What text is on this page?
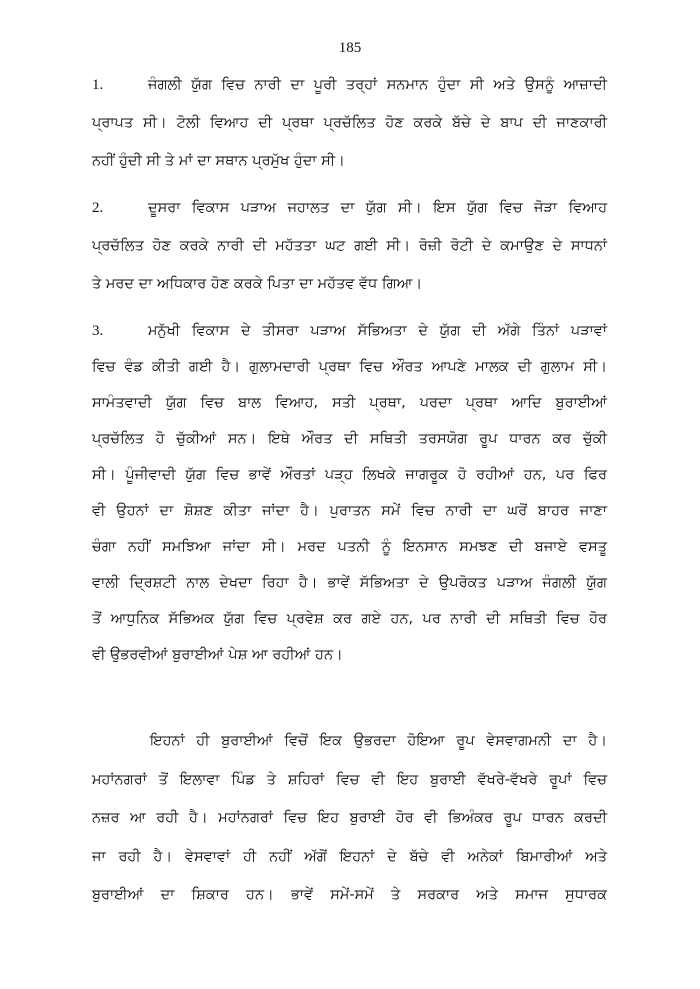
185
1.	ਜੰਗਲੀ ਯੁੱਗ ਵਿਚ ਨਾਰੀ ਦਾ ਪੂਰੀ ਤਰ੍ਹਾਂ ਸਨਮਾਨ ਹੁੰਦਾ ਸੀ ਅਤੇ ਉਸਨੂੰ ਆਜ਼ਾਦੀ
ਪ੍ਰਾਪਤ ਸੀ। ਟੋਲੀ ਵਿਆਹ ਦੀ ਪ੍ਰਥਾ ਪ੍ਰਚੱਲਿਤ ਹੋਣ ਕਰਕੇ ਬੱਚੇ ਦੇ ਬਾਪ ਦੀ ਜਾਣਕਾਰੀ
ਨਹੀਂ ਹੁੰਦੀ ਸੀ ਤੇ ਮਾਂ ਦਾ ਸਥਾਨ ਪ੍ਰਮੁੱਖ ਹੁੰਦਾ ਸੀ।
2.	ਦੂਸਰਾ ਵਿਕਾਸ ਪੜਾਅ ਜਹਾਲਤ ਦਾ ਯੁੱਗ ਸੀ। ਇਸ ਯੁੱਗ ਵਿਚ ਜੋੜਾ ਵਿਆਹ
ਪ੍ਰਚੱਲਿਤ ਹੋਣ ਕਰਕੇ ਨਾਰੀ ਦੀ ਮਹੱਤਤਾ ਘਟ ਗਈ ਸੀ। ਰੋਜ਼ੀ ਰੋਟੀ ਦੇ ਕਮਾਉਣ ਦੇ ਸਾਧਨਾਂ
ਤੇ ਮਰਦ ਦਾ ਅਧਿਕਾਰ ਹੋਣ ਕਰਕੇ ਪਿਤਾ ਦਾ ਮਹੱਤਵ ਵੱਧ ਗਿਆ।
3.	ਮਨੁੱਖੀ ਵਿਕਾਸ ਦੇ ਤੀਸਰਾ ਪੜਾਅ ਸੱਭਿਅਤਾ ਦੇ ਯੁੱਗ ਦੀ ਅੱਗੇ ਤਿੰਨਾਂ ਪੜਾਵਾਂ
ਵਿਚ ਵੰਡ ਕੀਤੀ ਗਈ ਹੈ। ਗੁਲਾਮਦਾਰੀ ਪ੍ਰਥਾ ਵਿਚ ਔਰਤ ਆਪਣੇ ਮਾਲਕ ਦੀ ਗੁਲਾਮ ਸੀ।
ਸਾਮੰਤਵਾਦੀ ਯੁੱਗ ਵਿਚ ਬਾਲ ਵਿਆਹ, ਸਤੀ ਪ੍ਰਥਾ, ਪਰਦਾ ਪ੍ਰਥਾ ਆਦਿ ਬੁਰਾਈਆਂ
ਪ੍ਰਚੱਲਿਤ ਹੋ ਚੁੱਕੀਆਂ ਸਨ। ਇਥੇ ਔਰਤ ਦੀ ਸਥਿਤੀ ਤਰਸਯੋਗ ਰੂਪ ਧਾਰਨ ਕਰ ਚੁੱਕੀ
ਸੀ। ਪੂੰਜੀਵਾਦੀ ਯੁੱਗ ਵਿਚ ਭਾਵੇਂ ਔਰਤਾਂ ਪੜ੍ਹ ਲਿਖਕੇ ਜਾਗਰੂਕ ਹੋ ਰਹੀਆਂ ਹਨ, ਪਰ ਫਿਰ
ਵੀ ਉਹਨਾਂ ਦਾ ਸ਼ੋਸ਼ਣ ਕੀਤਾ ਜਾਂਦਾ ਹੈ। ਪੁਰਾਤਨ ਸਮੇਂ ਵਿਚ ਨਾਰੀ ਦਾ ਘਰੋਂ ਬਾਹਰ ਜਾਣਾ
ਚੰਗਾ ਨਹੀਂ ਸਮਝਿਆ ਜਾਂਦਾ ਸੀ। ਮਰਦ ਪਤਨੀ ਨੂੰ ਇਨਸਾਨ ਸਮਝਣ ਦੀ ਬਜਾਏ ਵਸਤੂ
ਵਾਲੀ ਦ੍ਰਿਸ਼ਟੀ ਨਾਲ ਦੇਖਦਾ ਰਿਹਾ ਹੈ। ਭਾਵੇਂ ਸੱਭਿਅਤਾ ਦੇ ਉਪਰੋਕਤ ਪੜਾਅ ਜੰਗਲੀ ਯੁੱਗ
ਤੋਂ ਆਧੁਨਿਕ ਸੱਭਿਅਕ ਯੁੱਗ ਵਿਚ ਪ੍ਰਵੇਸ਼ ਕਰ ਗਏ ਹਨ, ਪਰ ਨਾਰੀ ਦੀ ਸਥਿਤੀ ਵਿਚ ਹੋਰ
ਵੀ ਉਭਰਵੀਆਂ ਬੁਰਾਈਆਂ ਪੇਸ਼ ਆ ਰਹੀਆਂ ਹਨ।
ਇਹਨਾਂ ਹੀ ਬੁਰਾਈਆਂ ਵਿਚੋਂ ਇਕ ਉਭਰਦਾ ਹੋਇਆ ਰੂਪ ਵੇਸਵਾਗਮਨੀ ਦਾ ਹੈ।
ਮਹਾਂਨਗਰਾਂ ਤੋਂ ਇਲਾਵਾ ਪਿੰਡ ਤੇ ਸ਼ਹਿਰਾਂ ਵਿਚ ਵੀ ਇਹ ਬੁਰਾਈ ਵੱਖਰੇ-ਵੱਖਰੇ ਰੂਪਾਂ ਵਿਚ
ਨਜ਼ਰ ਆ ਰਹੀ ਹੈ। ਮਹਾਂਨਗਰਾਂ ਵਿਚ ਇਹ ਬੁਰਾਈ ਹੋਰ ਵੀ ਭਿਅੰਕਰ ਰੂਪ ਧਾਰਨ ਕਰਦੀ
ਜਾ ਰਹੀ ਹੈ। ਵੇਸਵਾਵਾਂ ਹੀ ਨਹੀਂ ਅੱਗੋਂ ਇਹਨਾਂ ਦੇ ਬੱਚੇ ਵੀ ਅਨੇਕਾਂ ਬਿਮਾਰੀਆਂ ਅਤੇ
ਬੁਰਾਈਆਂ ਦਾ ਸ਼ਿਕਾਰ ਹਨ। ਭਾਵੇਂ ਸਮੇਂ-ਸਮੇਂ ਤੇ ਸਰਕਾਰ ਅਤੇ ਸਮਾਜ ਸੁਧਾਰਕ
